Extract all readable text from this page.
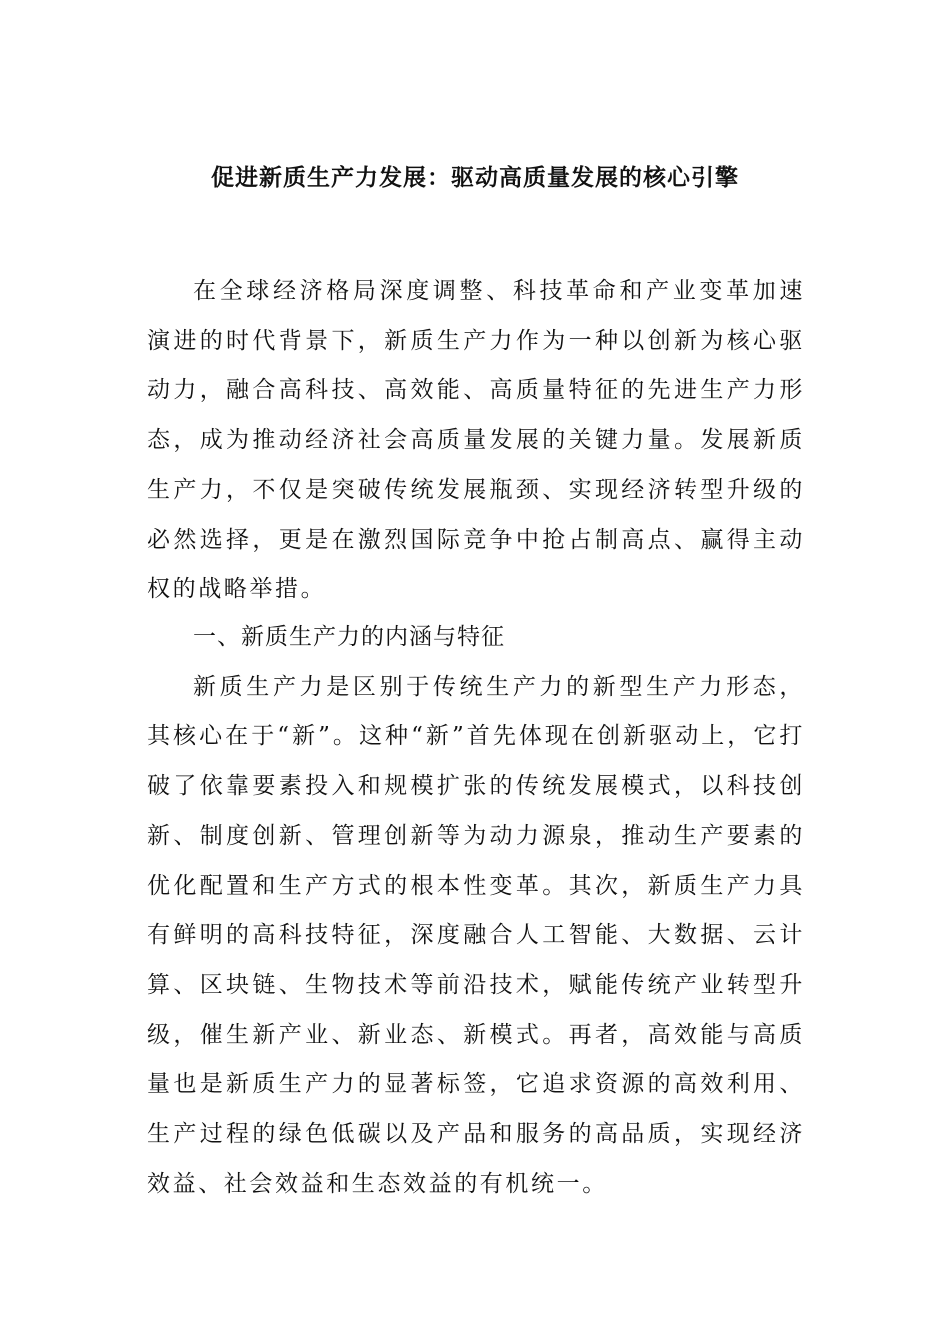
促进新质生产力发展：驱动高质量发展的核心引擎

在全球经济格局深度调整、科技革命和产业变革加速演进的时代背景下，新质生产力作为一种以创新为核心驱动力，融合高科技、高效能、高质量特征的先进生产力形态，成为推动经济社会高质量发展的关键力量。发展新质生产力，不仅是突破传统发展瓶颈、实现经济转型升级的必然选择，更是在激烈国际竞争中抢占制高点、赢得主动权的战略举措。

一、新质生产力的内涵与特征

新质生产力是区别于传统生产力的新型生产力形态，其核心在于“新”。这种“新”首先体现在创新驱动上，它打破了依靠要素投入和规模扩张的传统发展模式，以科技创新、制度创新、管理创新等为动力源泉，推动生产要素的优化配置和生产方式的根本性变革。其次，新质生产力具有鲜明的高科技特征，深度融合人工智能、大数据、云计算、区块链、生物技术等前沿技术，赋能传统产业转型升级，催生新产业、新业态、新模式。再者，高效能与高质量也是新质生产力的显著标签，它追求资源的高效利用、生产过程的绿色低碳以及产品和服务的高品质，实现经济效益、社会效益和生态效益的有机统一。
